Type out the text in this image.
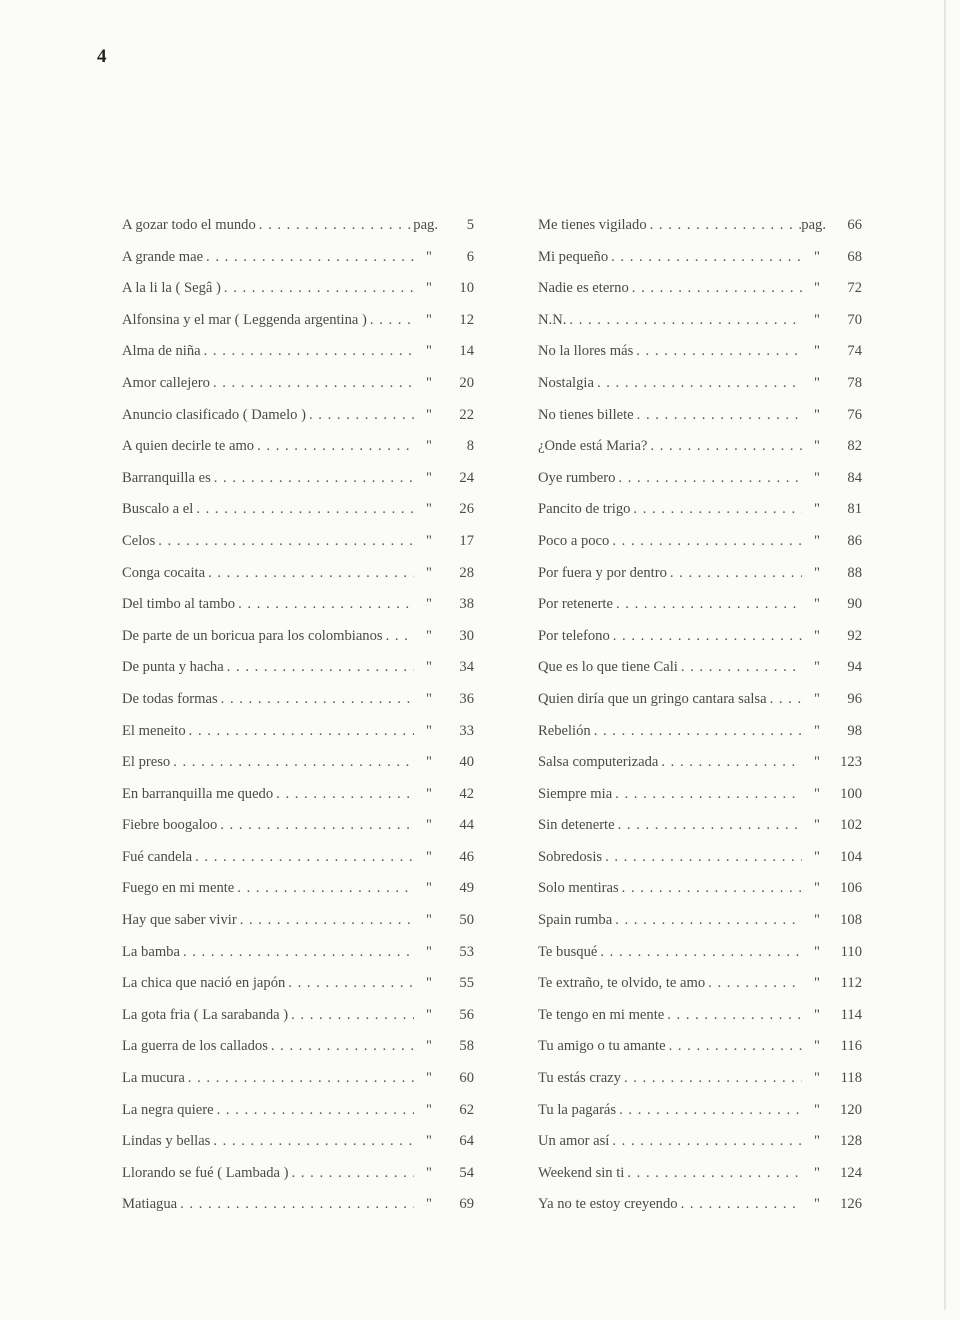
4
A gozar todo el mundo . . .	pag.	5
A grande mae . . .	"	6
A la li la ( Segâ ) . . .	"	10
Alfonsina y el mar ( Leggenda argentina ) . . .	"	12
Alma de niña . . .	"	14
Amor callejero . . .	"	20
Anuncio clasificado ( Damelo ) . . .	"	22
A quien decirle te amo . . .	"	8
Barranquilla es . . .	"	24
Buscalo a el . . .	"	26
Celos . . .	"	17
Conga cocaita . . .	"	28
Del timbo al tambo . . .	"	38
De parte de un boricua para los colombianos . . .	"	30
De punta y hacha . . .	"	34
De todas formas . . .	"	36
El meneito . . .	"	33
El preso . . .	"	40
En barranquilla me quedo . . .	"	42
Fiebre boogaloo . . .	"	44
Fué candela . . .	"	46
Fuego en mi mente . . .	"	49
Hay que saber vivir . . .	"	50
La bamba . . .	"	53
La chica que nació en japón . . .	"	55
La gota fria ( La sarabanda ) . . .	"	56
La guerra de los callados . . .	"	58
La mucura . . .	"	60
La negra quiere . . .	"	62
Lindas y bellas . . .	"	64
Llorando se fué ( Lambada ) . . .	"	54
Matiagua . . .	"	69
Me tienes vigilado . . .	pag.	66
Mi pequeño . . .	"	68
Nadie es eterno . . .	"	72
N.N. . . .	"	70
No la llores más . . .	"	74
Nostalgia . . .	"	78
No tienes billete . . .	"	76
¿Onde está Maria? . . .	"	82
Oye rumbero . . .	"	84
Pancito de trigo . . .	"	81
Poco a poco . . .	"	86
Por fuera y por dentro . . .	"	88
Por retenerte . . .	"	90
Por telefono . . .	"	92
Que es lo que tiene Cali . . .	"	94
Quien diría que un gringo cantara salsa . . .	"	96
Rebelión . . .	"	98
Salsa computerizada . . .	"	123
Siempre mia . . .	"	100
Sin detenerte . . .	"	102
Sobredosis . . .	"	104
Solo mentiras . . .	"	106
Spain rumba . . .	"	108
Te busqué . . .	"	110
Te extraño, te olvido, te amo . . .	"	112
Te tengo en mi mente . . .	"	114
Tu amigo o tu amante . . .	"	116
Tu estás crazy . . .	"	118
Tu la pagarás . . .	"	120
Un amor así . . .	"	128
Weekend sin ti . . .	"	124
Ya no te estoy creyendo . . .	"	126
